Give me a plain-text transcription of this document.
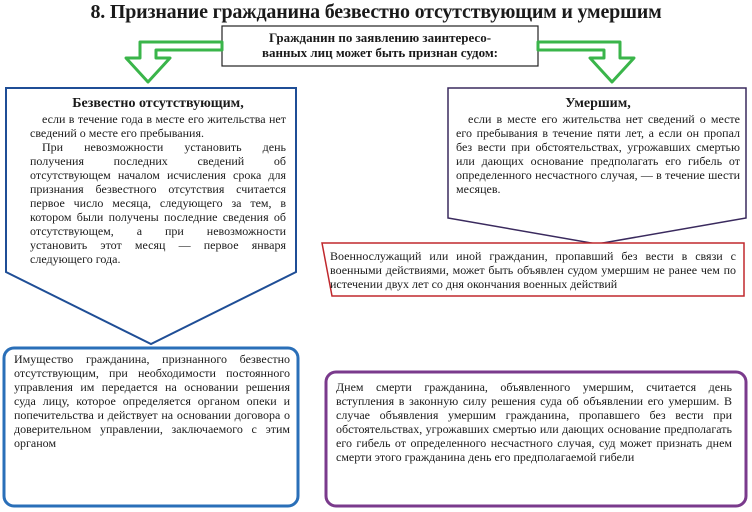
8. Признание гражданина безвестно отсутствующим и умершим
Гражданин по заявлению заинтересо-
ванных лиц может быть признан судом:
Безвестно отсутствующим,

если в течение года в месте его жительства нет сведений о месте его пребывания.

При невозможности установить день получения последних сведений об отсутствующем началом исчисления срока для признания безвестного отсутствия считается первое число месяца, следующего за тем, в котором были получены последние сведения об отсутствующем, а при невозможности установить этот месяц — первое января следующего года.

Умершим,

если в месте его жительства нет сведений о месте его пребывания в течение пяти лет, а если он пропал без вести при обстоятельствах, угрожавших смертью или дающих основание предполагать его гибель от определенного несчастного случая, — в течение шести месяцев.

Военнослужащий или иной гражданин, пропавший без вести в связи с военными действиями, может быть объявлен судом умершим не ранее чем по истечении двух лет со дня окончания военных действий
Имущество гражданина, признанного безвестно отсутствующим, при необходимости постоянного управления им передается на основании решения суда лицу, которое определяется органом опеки и попечительства и действует на основании договора о доверительном управлении, заключаемого с этим органом
Днем смерти гражданина, объявленного умершим, считается день вступления в законную силу решения суда об объявлении его умершим. В случае объявления умершим гражданина, пропавшего без вести при обстоятельствах, угрожавших смертью или дающих основание предполагать его гибель от определенного несчастного случая, суд может признать днем смерти этого гражданина день его предполагаемой гибели
